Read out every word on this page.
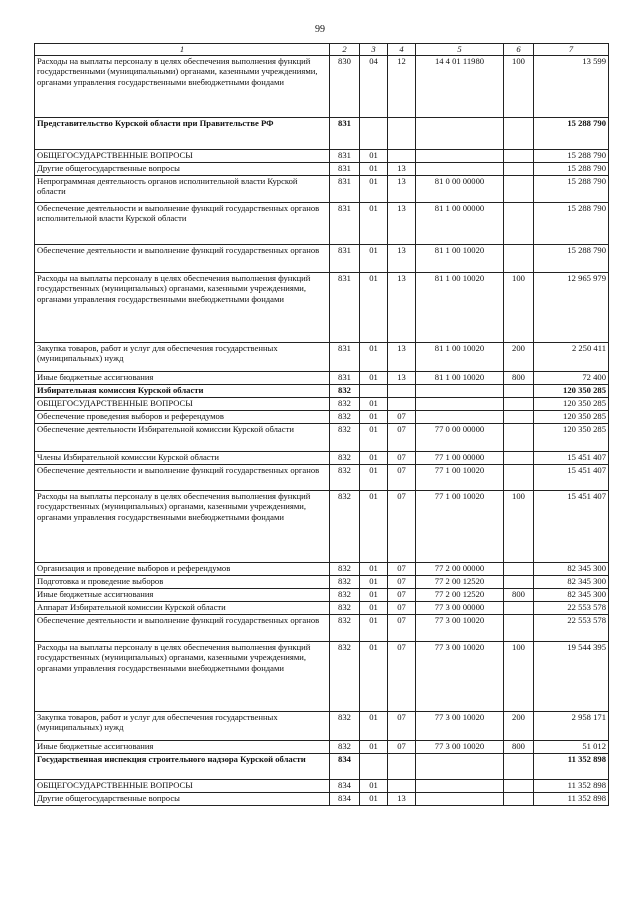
99
1	2	3	4	5	6	7
Расходы на выплаты персоналу в целях обеспечения выполнения функций государственными (муниципальными) органами, казенными учреждениями, органами управления государственными внебюджетными фондами	830	04	12	14 4 01 11980	100	13 599
Представительство Курской области при Правительстве РФ	831					15 288 790
ОБЩЕГОСУДАРСТВЕННЫЕ ВОПРОСЫ	831	01				15 288 790
Другие общегосударственные вопросы	831	01	13			15 288 790
Непрограммная деятельность органов исполнительной власти Курской области	831	01	13	81 0 00 00000		15 288 790
Обеспечение деятельности и выполнение функций государственных органов исполнительной власти Курской области	831	01	13	81 1 00 00000		15 288 790
Обеспечение деятельности и выполнение функций государственных органов	831	01	13	81 1 00 10020		15 288 790
Расходы на выплаты персоналу в целях обеспечения выполнения функций государственных (муниципальных) органами, казенными учреждениями, органами управления государственными внебюджетными фондами	831	01	13	81 1 00 10020	100	12 965 979
Закупка товаров, работ и услуг для обеспечения государственных (муниципальных) нужд	831	01	13	81 1 00 10020	200	2 250 411
Иные бюджетные ассигнования	831	01	13	81 1 00 10020	800	72 400
Избирательная комиссия Курской области	832					120 350 285
ОБЩЕГОСУДАРСТВЕННЫЕ ВОПРОСЫ	832	01				120 350 285
Обеспечение проведения выборов и референдумов	832	01	07			120 350 285
Обеспечение деятельности Избирательной комиссии Курской области	832	01	07	77 0 00 00000		120 350 285
Члены Избирательной комиссии Курской области	832	01	07	77 1 00 00000		15 451 407
Обеспечение деятельности и выполнение функций государственных органов	832	01	07	77 1 00 10020		15 451 407
Расходы на выплаты персоналу в целях обеспечения выполнения функций государственных (муниципальных) органами, казенными учреждениями, органами управления государственными внебюджетными фондами	832	01	07	77 1 00 10020	100	15 451 407
Организация и проведение выборов и референдумов	832	01	07	77 2 00 00000		82 345 300
Подготовка и проведение выборов	832	01	07	77 2 00 12520		82 345 300
Иные бюджетные ассигнования	832	01	07	77 2 00 12520	800	82 345 300
Аппарат Избирательной комиссии Курской области	832	01	07	77 3 00 00000		22 553 578
Обеспечение деятельности и выполнение функций государственных органов	832	01	07	77 3 00 10020		22 553 578
Расходы на выплаты персоналу в целях обеспечения выполнения функций государственных (муниципальных) органами, казенными учреждениями, органами управления государственными внебюджетными фондами	832	01	07	77 3 00 10020	100	19 544 395
Закупка товаров, работ и услуг для обеспечения государственных (муниципальных) нужд	832	01	07	77 3 00 10020	200	2 958 171
Иные бюджетные ассигнования	832	01	07	77 3 00 10020	800	51 012
Государственная инспекция строительного надзора Курской области	834					11 352 898
ОБЩЕГОСУДАРСТВЕННЫЕ ВОПРОСЫ	834	01				11 352 898
Другие общегосударственные вопросы	834	01	13			11 352 898
